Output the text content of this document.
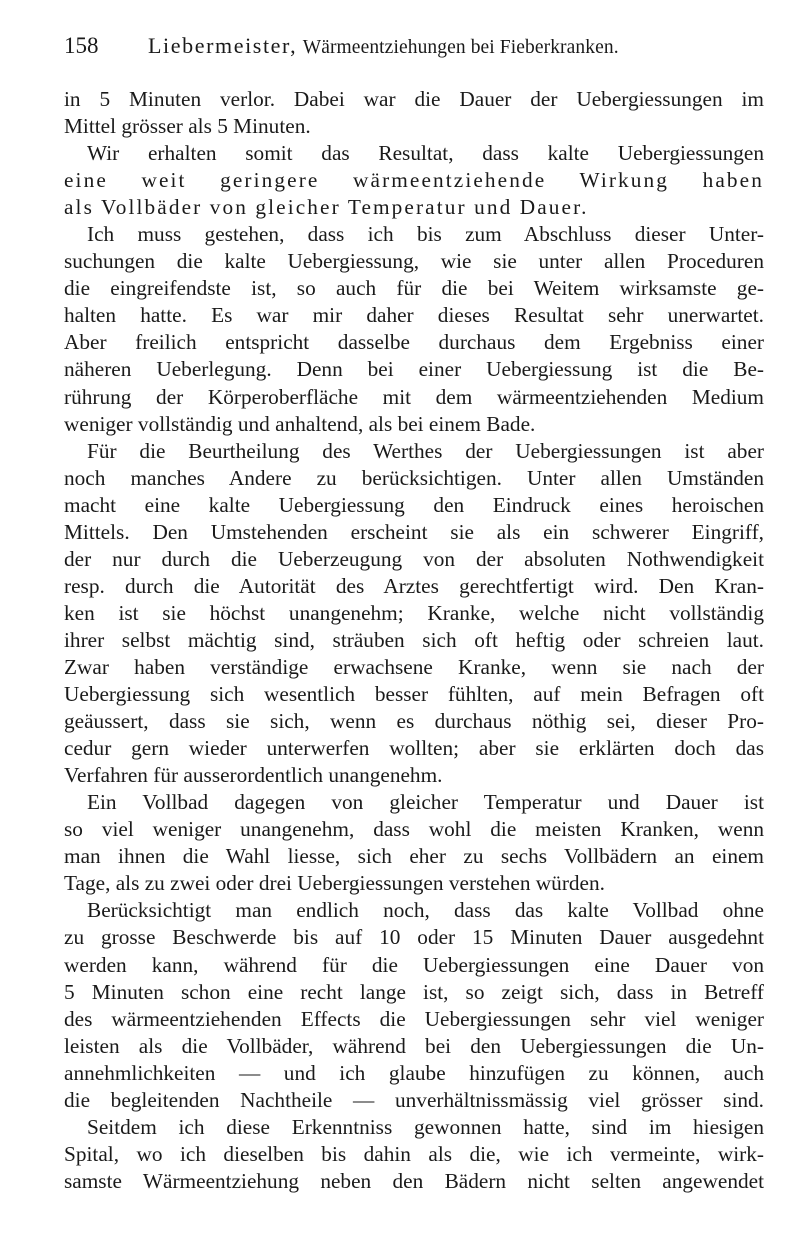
158 Liebermeister, Wärmeentziehungen bei Fieberkranken.
in 5 Minuten verlor. Dabei war die Dauer der Uebergiessungen im
Mittel grösser als 5 Minuten.
Wir erhalten somit das Resultat, dass kalte Uebergiessungen
eine weit geringere wärmeentziehende Wirkung haben
als Vollbäder von gleicher Temperatur und Dauer.
Ich muss gestehen, dass ich bis zum Abschluss dieser Unter-
suchungen die kalte Uebergiessung, wie sie unter allen Proceduren
die eingreifendste ist, so auch für die bei Weitem wirksamste ge-
halten hatte. Es war mir daher dieses Resultat sehr unerwartet.
Aber freilich entspricht dasselbe durchaus dem Ergebniss einer
näheren Ueberlegung. Denn bei einer Uebergiessung ist die Be-
rührung der Körperoberfläche mit dem wärmeentziehenden Medium
weniger vollständig und anhaltend, als bei einem Bade.
Für die Beurtheilung des Werthes der Uebergiessungen ist aber
noch manches Andere zu berücksichtigen. Unter allen Umständen
macht eine kalte Uebergiessung den Eindruck eines heroischen
Mittels. Den Umstehenden erscheint sie als ein schwerer Eingriff,
der nur durch die Ueberzeugung von der absoluten Nothwendigkeit
resp. durch die Autorität des Arztes gerechtfertigt wird. Den Kran-
ken ist sie höchst unangenehm; Kranke, welche nicht vollständig
ihrer selbst mächtig sind, sträuben sich oft heftig oder schreien laut.
Zwar haben verständige erwachsene Kranke, wenn sie nach der
Uebergiessung sich wesentlich besser fühlten, auf mein Befragen oft
geäussert, dass sie sich, wenn es durchaus nöthig sei, dieser Pro-
cedur gern wieder unterwerfen wollten; aber sie erklärten doch das
Verfahren für ausserordentlich unangenehm.
Ein Vollbad dagegen von gleicher Temperatur und Dauer ist
so viel weniger unangenehm, dass wohl die meisten Kranken, wenn
man ihnen die Wahl liesse, sich eher zu sechs Vollbädern an einem
Tage, als zu zwei oder drei Uebergiessungen verstehen würden.
Berücksichtigt man endlich noch, dass das kalte Vollbad ohne
zu grosse Beschwerde bis auf 10 oder 15 Minuten Dauer ausgedehnt
werden kann, während für die Uebergiessungen eine Dauer von
5 Minuten schon eine recht lange ist, so zeigt sich, dass in Betreff
des wärmeentziehenden Effects die Uebergiessungen sehr viel weniger
leisten als die Vollbäder, während bei den Uebergiessungen die Un-
annehmlichkeiten — und ich glaube hinzufügen zu können, auch
die begleitenden Nachtheile — unverhältnissmässig viel grösser sind.
Seitdem ich diese Erkenntniss gewonnen hatte, sind im hiesigen
Spital, wo ich dieselben bis dahin als die, wie ich vermeinte, wirk-
samste Wärmeentziehung neben den Bädern nicht selten angewendet
